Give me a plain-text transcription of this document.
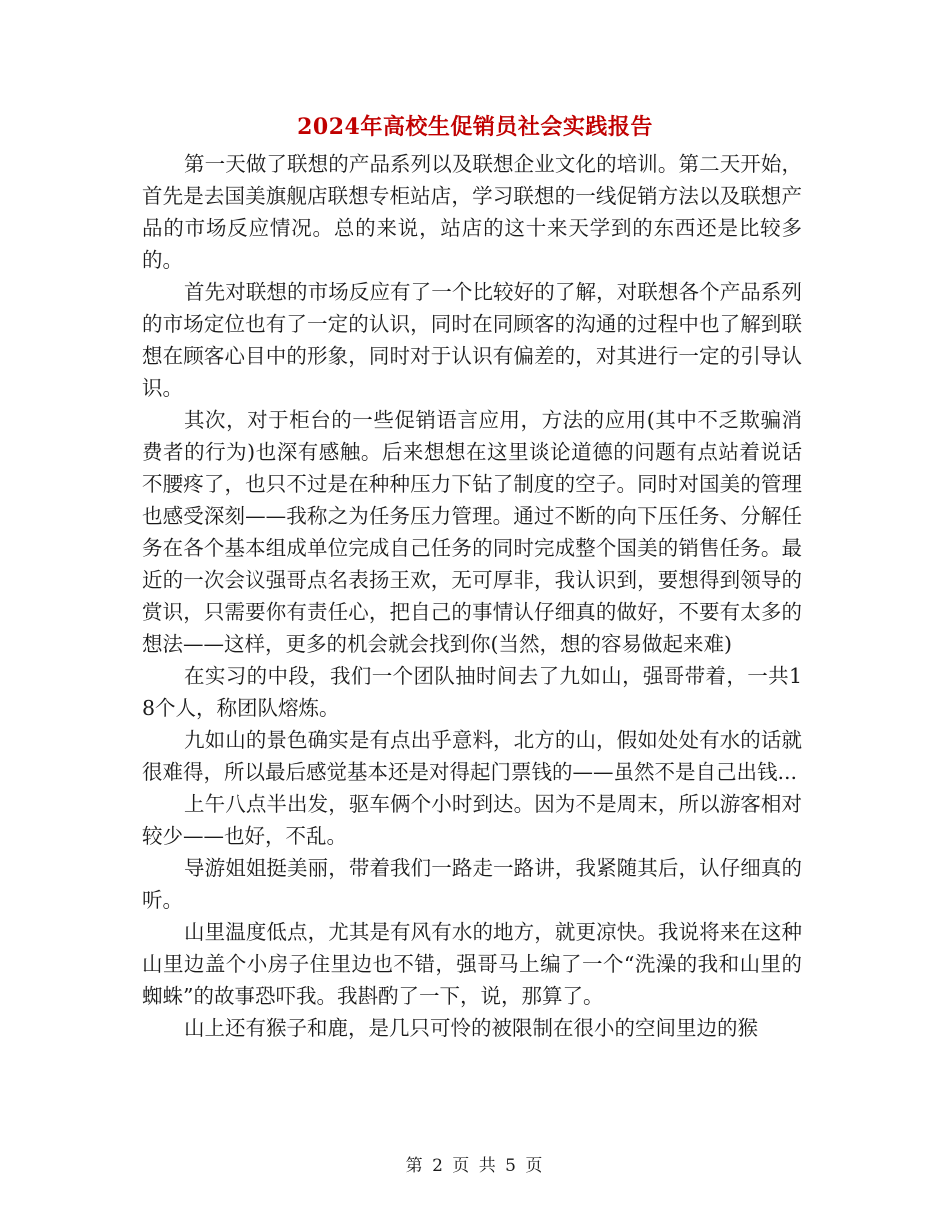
2024年高校生促销员社会实践报告

第一天做了联想的产品系列以及联想企业文化的培训。第二天开始，首先是去国美旗舰店联想专柜站店，学习联想的一线促销方法以及联想产品的市场反应情况。总的来说，站店的这十来天学到的东西还是比较多的。

首先对联想的市场反应有了一个比较好的了解，对联想各个产品系列的市场定位也有了一定的认识，同时在同顾客的沟通的过程中也了解到联想在顾客心目中的形象，同时对于认识有偏差的，对其进行一定的引导认识。

其次，对于柜台的一些促销语言应用，方法的应用(其中不乏欺骗消费者的行为)也深有感触。后来想想在这里谈论道德的问题有点站着说话不腰疼了，也只不过是在种种压力下钻了制度的空子。同时对国美的管理也感受深刻——我称之为任务压力管理。通过不断的向下压任务、分解任务在各个基本组成单位完成自己任务的同时完成整个国美的销售任务。最近的一次会议强哥点名表扬王欢，无可厚非，我认识到，要想得到领导的赏识，只需要你有责任心，把自己的事情认仔细真的做好，不要有太多的想法——这样，更多的机会就会找到你(当然，想的容易做起来难)

在实习的中段，我们一个团队抽时间去了九如山，强哥带着，一共18个人，称团队熔炼。

九如山的景色确实是有点出乎意料，北方的山，假如处处有水的话就很难得，所以最后感觉基本还是对得起门票钱的——虽然不是自己出钱...

上午八点半出发，驱车俩个小时到达。因为不是周末，所以游客相对较少——也好，不乱。

导游姐姐挺美丽，带着我们一路走一路讲，我紧随其后，认仔细真的听。

山里温度低点，尤其是有风有水的地方，就更凉快。我说将来在这种山里边盖个小房子住里边也不错，强哥马上编了一个“洗澡的我和山里的蜘蛛”的故事恐吓我。我斟酌了一下，说，那算了。

山上还有猴子和鹿，是几只可怜的被限制在很小的空间里边的猴

第 2 页 共 5 页
